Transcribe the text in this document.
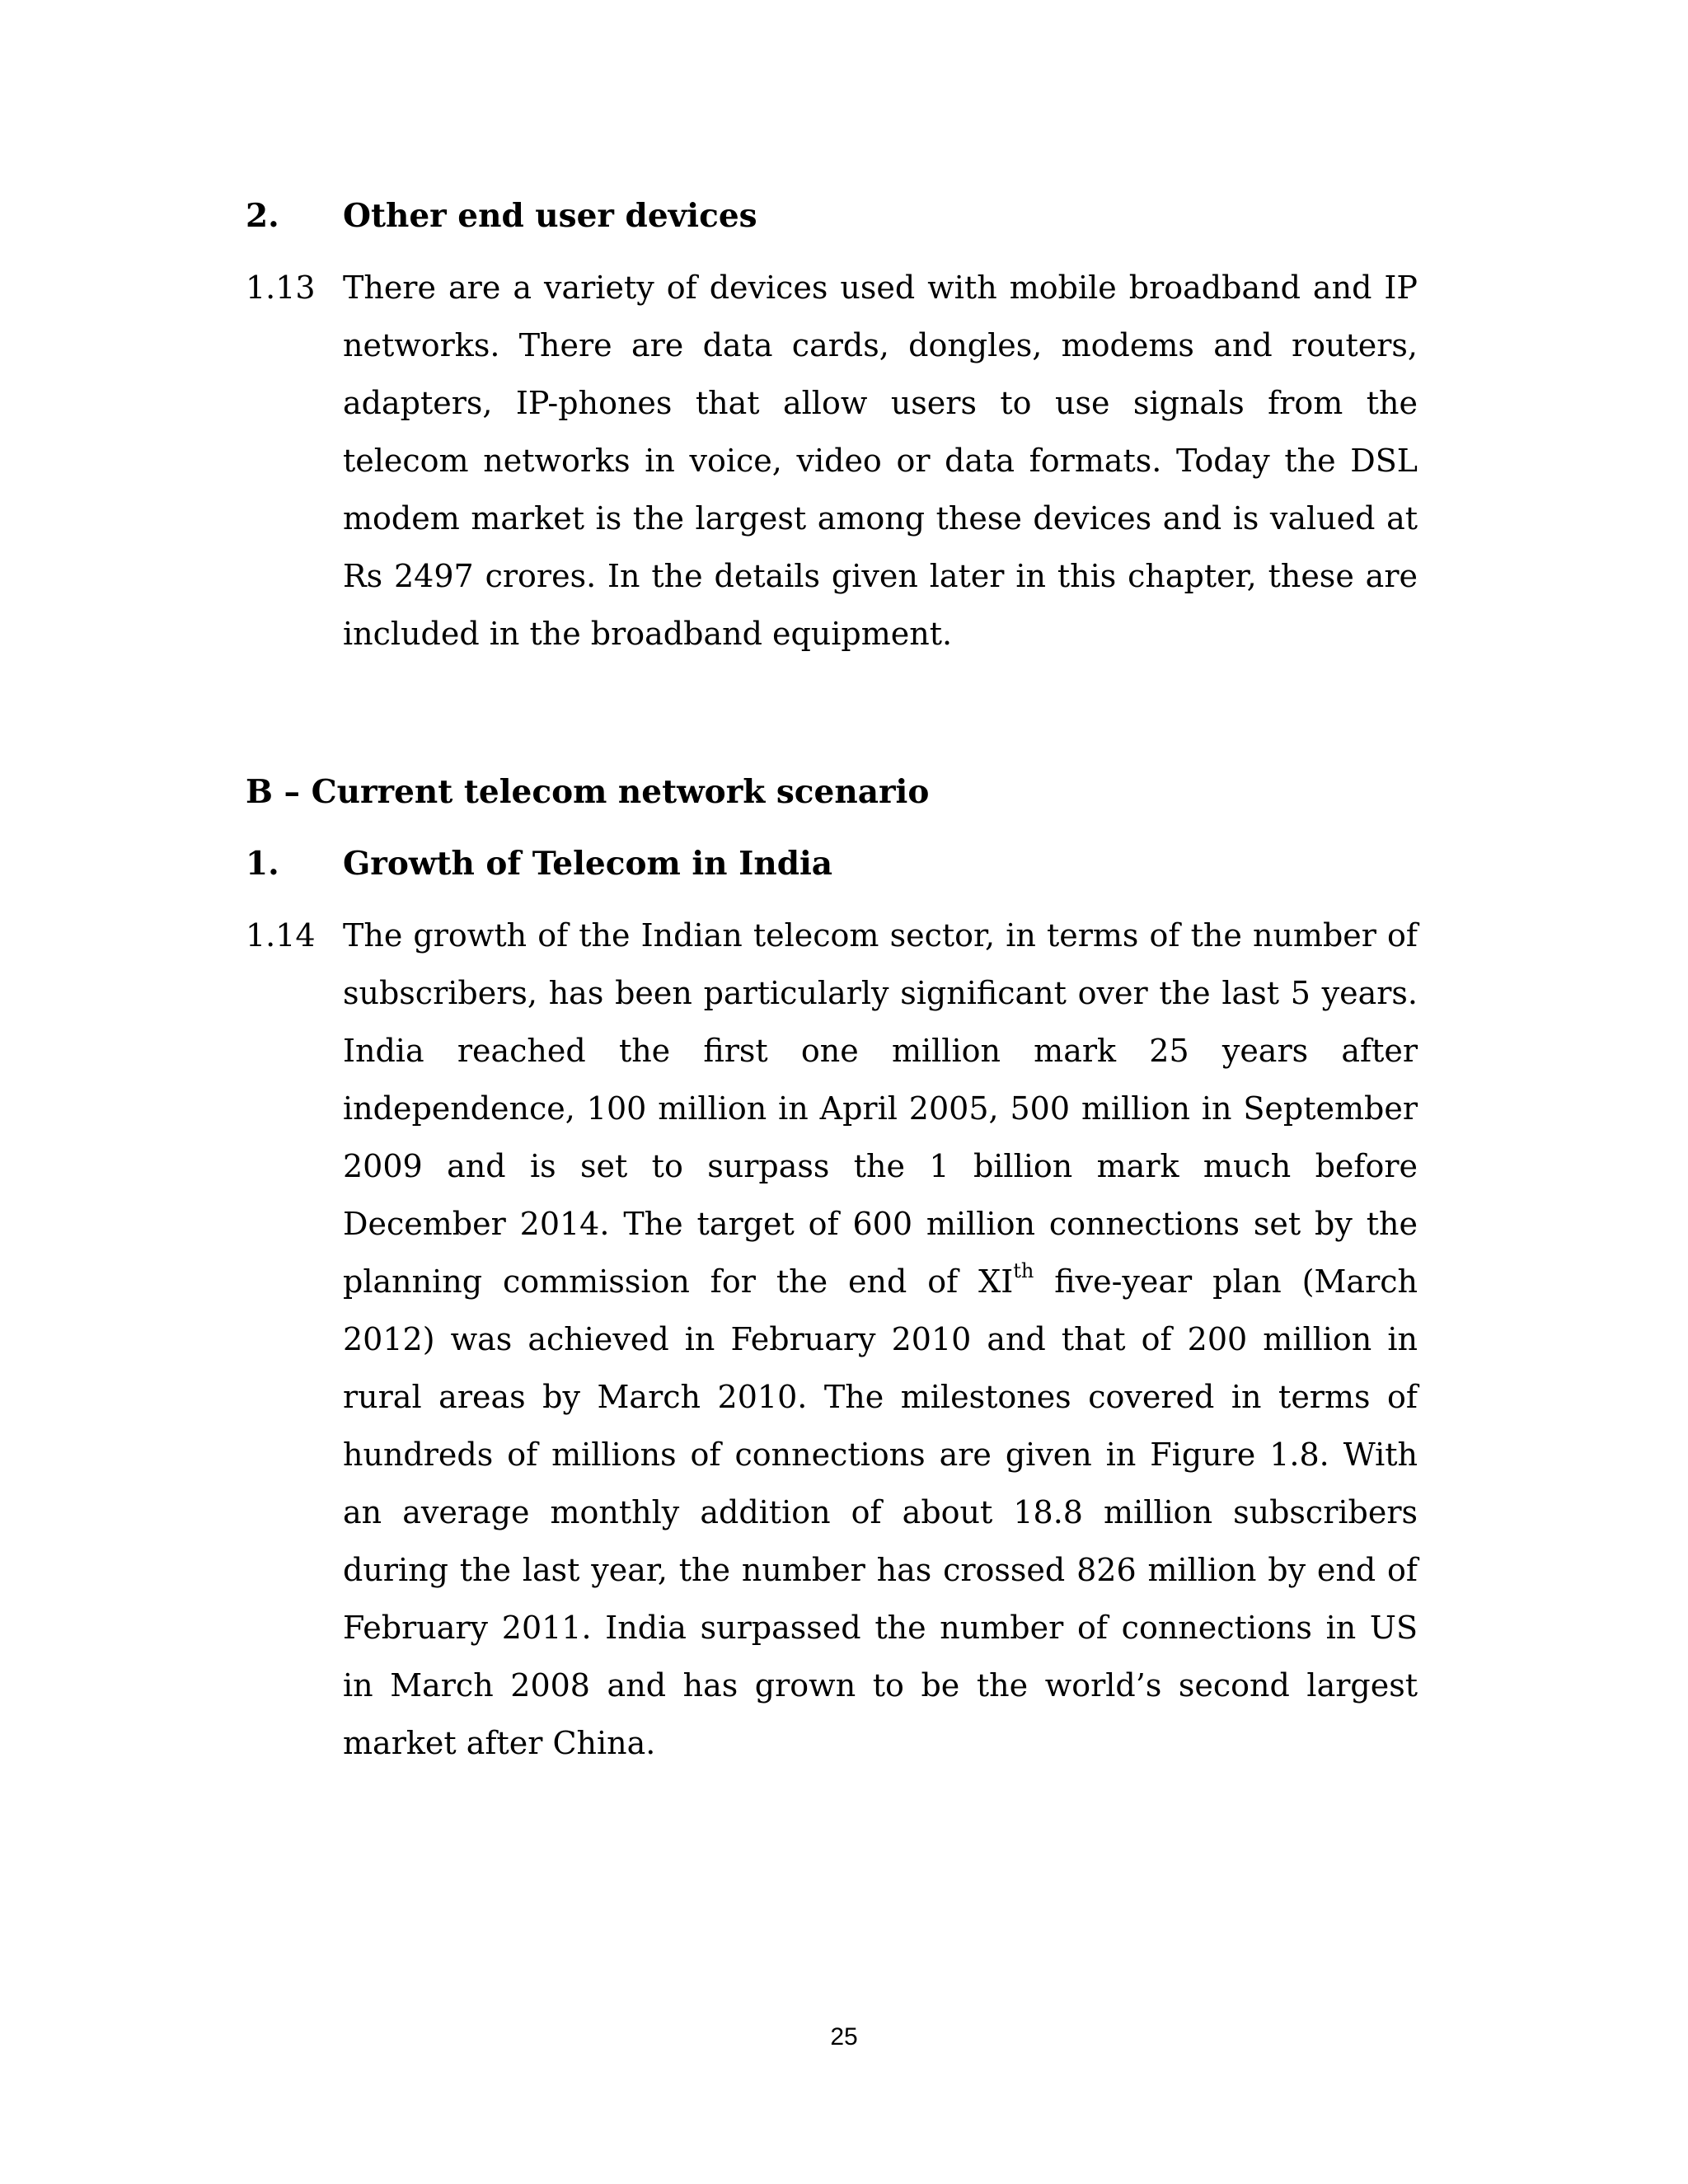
2. Other end user devices
1.13 There are a variety of devices used with mobile broadband and IP
networks. There are data cards, dongles, modems and routers,
adapters, IP-phones that allow users to use signals from the
telecom networks in voice, video or data formats. Today the DSL
modem market is the largest among these devices and is valued at
Rs 2497 crores. In the details given later in this chapter, these are
included in the broadband equipment.
B – Current telecom network scenario
1. Growth of Telecom in India
1.14 The growth of the Indian telecom sector, in terms of the number of
subscribers, has been particularly significant over the last 5 years.
India reached the first one million mark 25 years after
independence, 100 million in April 2005, 500 million in September
2009 and is set to surpass the 1 billion mark much before
December 2014. The target of 600 million connections set by the
planning commission for the end of XIth five-year plan (March
2012) was achieved in February 2010 and that of 200 million in
rural areas by March 2010. The milestones covered in terms of
hundreds of millions of connections are given in Figure 1.8. With
an average monthly addition of about 18.8 million subscribers
during the last year, the number has crossed 826 million by end of
February 2011. India surpassed the number of connections in US
in March 2008 and has grown to be the world’s second largest
market after China.
25
